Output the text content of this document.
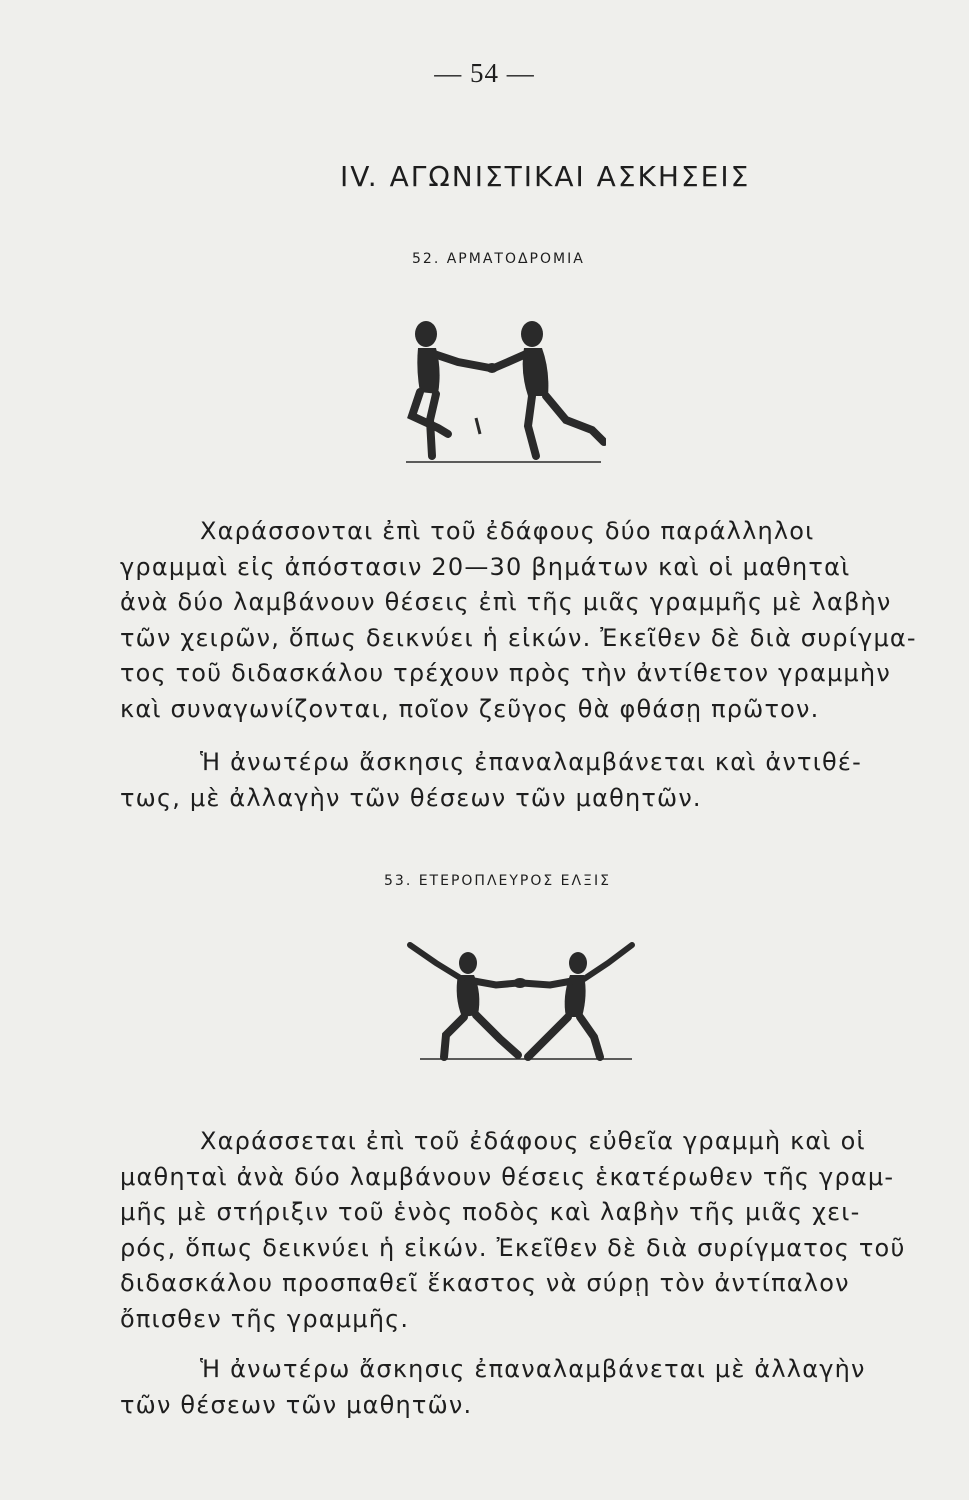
— 54 —
IV. ΑΓΩΝΙΣΤΙΚΑΙ ΑΣΚΗΣΕΙΣ
52. ΑΡΜΑΤΟΔΡΟΜΙΑ
Χαράσσονται ἐπὶ τοῦ ἐδάφους δύο παράλληλοι
γραμμαὶ εἰς ἀπόστασιν 20—30 βημάτων καὶ οἱ μαθηταὶ
ἀνὰ δύο λαμβάνουν θέσεις ἐπὶ τῆς μιᾶς γραμμῆς μὲ λαβὴν
τῶν χειρῶν, ὅπως δεικνύει ἡ εἰκών. Ἐκεῖθεν δὲ διὰ συρίγμα-
τος τοῦ διδασκάλου τρέχουν πρὸς τὴν ἀντίθετον γραμμὴν
καὶ συναγωνίζονται, ποῖον ζεῦγος θὰ φθάσῃ πρῶτον.
Ἡ ἀνωτέρω ἄσκησις ἐπαναλαμβάνεται καὶ ἀντιθέ-
τως, μὲ ἀλλαγὴν τῶν θέσεων τῶν μαθητῶν.
53. ΕΤΕΡΟΠΛΕΥΡΟΣ ΕΛΞΙΣ
Χαράσσεται ἐπὶ τοῦ ἐδάφους εὐθεῖα γραμμὴ καὶ οἱ
μαθηταὶ ἀνὰ δύο λαμβάνουν θέσεις ἑκατέρωθεν τῆς γραμ-
μῆς μὲ στήριξιν τοῦ ἑνὸς ποδὸς καὶ λαβὴν τῆς μιᾶς χει-
ρός, ὅπως δεικνύει ἡ εἰκών. Ἐκεῖθεν δὲ διὰ συρίγματος τοῦ
διδασκάλου προσπαθεῖ ἕκαστος νὰ σύρῃ τὸν ἀντίπαλον
ὄπισθεν τῆς γραμμῆς.
Ἡ ἀνωτέρω ἄσκησις ἐπαναλαμβάνεται μὲ ἀλλαγὴν
τῶν θέσεων τῶν μαθητῶν.
